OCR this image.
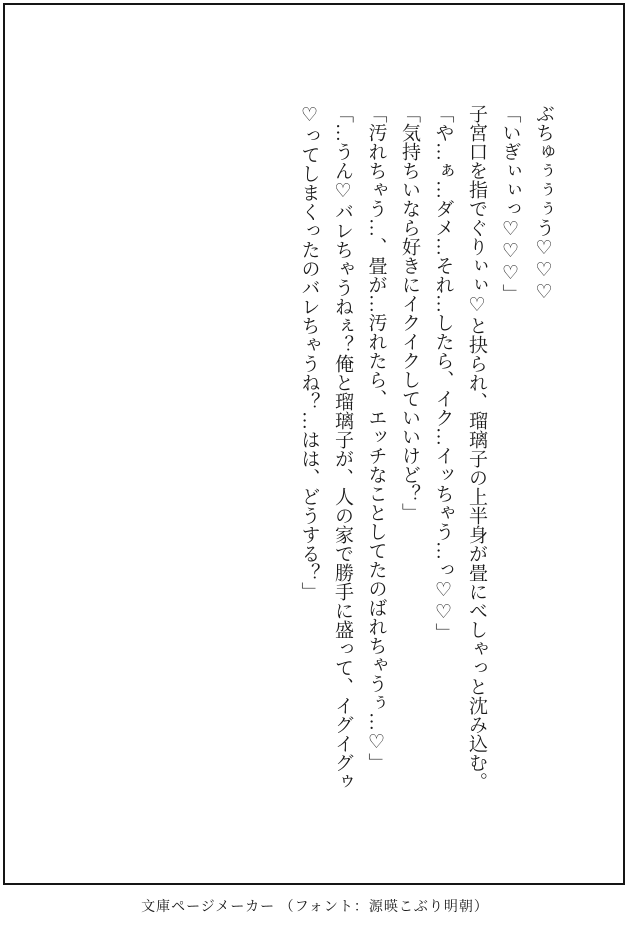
ぶちゅぅぅぅう♡♡♡

「いぎぃぃっ♡♡♡」

子宮口を指でぐりぃぃ♡と抉られ、瑠璃子の上半身が畳にべしゃっと沈み込む。

「や…ぁ…ダメ…それ…したら、イク…イッちゃう…っ♡♡」

「気持ちいなら好きにイクイクしていいけど？」

「汚れちゃう…、畳が…汚れたら、エッチなことしてたのばれちゃうぅ…♡」

「…うん♡バレちゃうねぇ？俺と瑠璃子が、人の家で勝手に盛って、イグイグゥ♡ってしまくったのバレちゃうね？…はは、どうする？」

文庫ページメーカー （フォント：源暎こぶり明朝）
